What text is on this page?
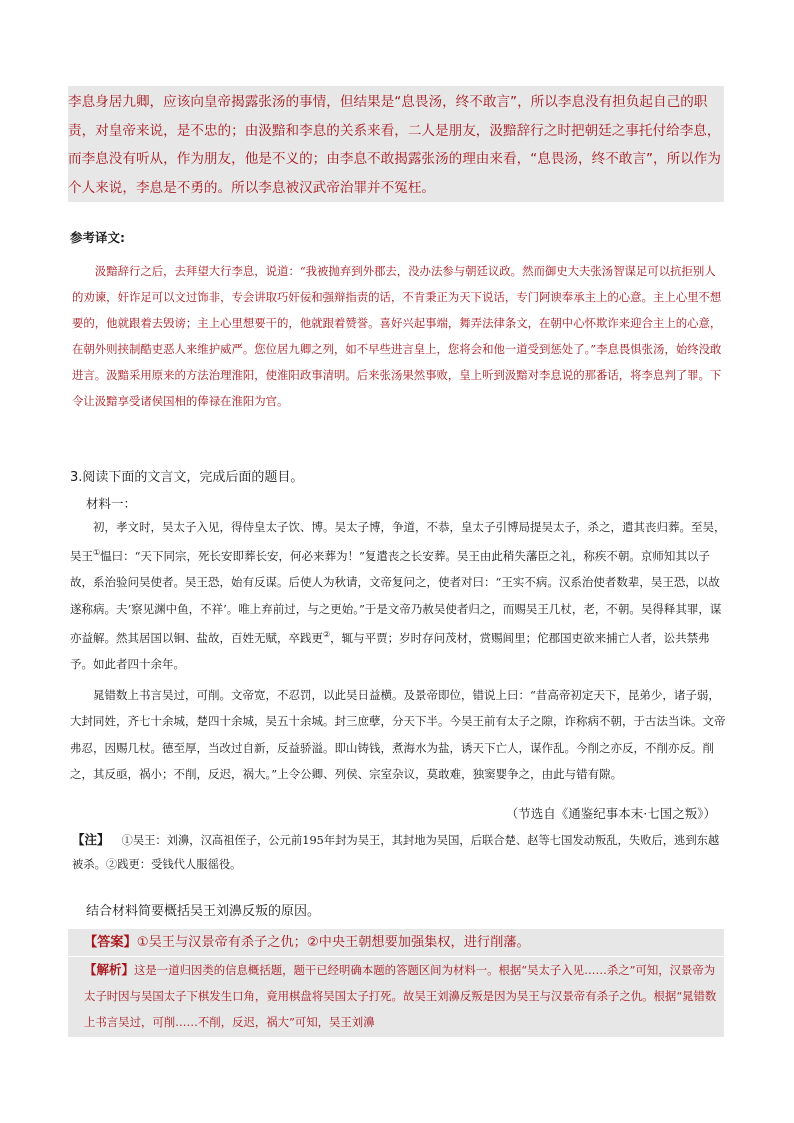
李息身居九卿，应该向皇帝揭露张汤的事情，但结果是“息畏汤，终不敢言”，所以李息没有担负起自己的职责，对皇帝来说，是不忠的；由汲黯和李息的关系来看，二人是朋友，汲黯辞行之时把朝廷之事托付给李息，而李息没有听从，作为朋友，他是不义的；由李息不敢揭露张汤的理由来看，“息畏汤，终不敢言”，所以作为个人来说，李息是不勇的。所以李息被汉武帝治罪并不冤枉。

参考译文:

汲黯辞行之后，去拜望大行李息，说道：“我被抛弃到外郡去，没办法参与朝廷议政。然而御史大夫张汤智谋足可以抗拒别人的劝谏，奸诈足可以文过饰非，专会讲取巧奸佞和强辩指责的话，不肯秉正为天下说话，专门阿谀奉承主上的心意。主上心里不想要的，他就跟着去毁谤；主上心里想要干的，他就跟着赞誉。喜好兴起事端，舞弄法律条文，在朝中心怀欺诈来迎合主上的心意，在朝外则挟制酷吏恶人来维护威严。您位居九卿之列，如不早些进言皇上，您将会和他一道受到惩处了。”李息畏惧张汤，始终没敢进言。汲黯采用原来的方法治理淮阳，使淮阳政事清明。后来张汤果然事败，皇上听到汲黯对李息说的那番话，将李息判了罪。下令让汲黯享受诸侯国相的俸禄在淮阳为官。

3.阅读下面的文言文，完成后面的题目。
材料一：

初，孝文时，吴太子入见，得侍皇太子饮、博。吴太子博，争道，不恭，皇太子引博局提吴太子，杀之，遣其丧归葬。至吴，吴王①愠曰：“天下同宗，死长安即葬长安，何必来葬为！”复遣丧之长安葬。吴王由此稍失藩臣之礼，称疾不朝。京师知其以子故，系治验问吴使者。吴王恐，始有反谋。后使人为秋请，文帝复问之，使者对曰：“王实不病。汉系治使者数辈，吴王恐，以故遂称病。夫‘察见渊中鱼，不祥’。唯上弃前过，与之更始。”于是文帝乃赦吴使者归之，而赐吴王几杖，老，不朝。吴得释其罪，谋亦益解。然其居国以铜、盐故，百姓无赋，卒践更②，辄与平贾；岁时存问茂材，赏赐闾里；佗郡国吏欲来捕亡人者，讼共禁弗予。如此者四十余年。

晁错数上书言吴过，可削。文帝宽，不忍罚，以此吴日益横。及景帝即位，错说上曰：“昔高帝初定天下，昆弟少，诸子弱，大封同姓，齐七十余城，楚四十余城，吴五十余城。封三庶孽，分天下半。今吴王前有太子之隙，诈称病不朝，于古法当诛。文帝弗忍，因赐几杖。德至厚，当改过自新，反益骄溢。即山铸钱，煮海水为盐，诱天下亡人，谋作乱。今削之亦反，不削亦反。削之，其反亟，祸小；不削，反迟，祸大。”上令公卿、列侯、宗室杂议，莫敢难，独窦婴争之，由此与错有隙。

（节选自《通鉴纪事本末·七国之叛》）

【注】 ①吴王：刘濞，汉高祖侄子，公元前195年封为吴王，其封地为吴国，后联合楚、赵等七国发动叛乱，失败后，逃到东越被杀。②践更：受钱代人服徭役。

结合材料简要概括吴王刘濞反叛的原因。

【答案】①吴王与汉景帝有杀子之仇；②中央王朝想要加强集权，进行削藩。

【解析】这是一道归因类的信息概括题，题干已经明确本题的答题区间为材料一。根据“吴太子入见……杀之”可知，汉景帝为太子时因与吴国太子下棋发生口角，竟用棋盘将吴国太子打死。故吴王刘濞反叛是因为吴王与汉景帝有杀子之仇。根据“晁错数上书言吴过，可削……不削，反迟，祸大”可知，吴王刘濞
